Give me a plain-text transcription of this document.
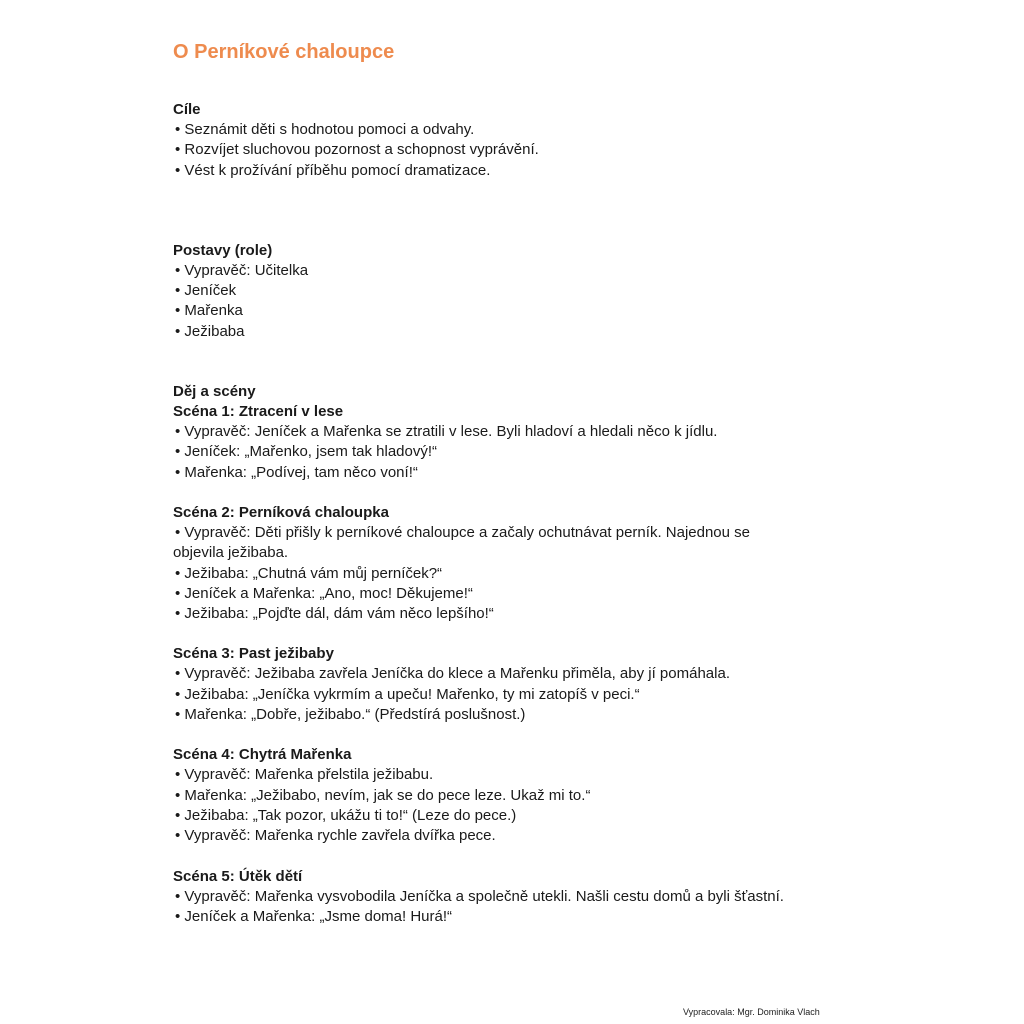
O Perníkové chaloupce

Cíle

• Seznámit děti s hodnotou pomoci a odvahy.

• Rozvíjet sluchovou pozornost a schopnost vyprávění.

• Vést k prožívání příběhu pomocí dramatizace.

Postavy (role)

• Vypravěč: Učitelka

• Jeníček

• Mařenka

• Ježibaba

Děj a scény

Scéna 1: Ztracení v lese

• Vypravěč: Jeníček a Mařenka se ztratili v lese. Byli hladoví a hledali něco k jídlu.

• Jeníček: „Mařenko, jsem tak hladový!“

• Mařenka: „Podívej, tam něco voní!“

Scéna 2: Perníková chaloupka

• Vypravěč: Děti přišly k perníkové chaloupce a začaly ochutnávat perník. Najednou se

objevila ježibaba.

• Ježibaba: „Chutná vám můj perníček?“

• Jeníček a Mařenka: „Ano, moc! Děkujeme!“

• Ježibaba: „Pojďte dál, dám vám něco lepšího!“

Scéna 3: Past ježibaby

• Vypravěč: Ježibaba zavřela Jeníčka do klece a Mařenku přiměla, aby jí pomáhala.

• Ježibaba: „Jeníčka vykrmím a upeču! Mařenko, ty mi zatopíš v peci.“

• Mařenka: „Dobře, ježibabo.“ (Předstírá poslušnost.)

Scéna 4: Chytrá Mařenka

• Vypravěč: Mařenka přelstila ježibabu.

• Mařenka: „Ježibabo, nevím, jak se do pece leze. Ukaž mi to.“

• Ježibaba: „Tak pozor, ukážu ti to!“ (Leze do pece.)

• Vypravěč: Mařenka rychle zavřela dvířka pece.

Scéna 5: Útěk dětí

• Vypravěč: Mařenka vysvobodila Jeníčka a společně utekli. Našli cestu domů a byli šťastní.

• Jeníček a Mařenka: „Jsme doma! Hurá!“

Vypracovala: Mgr. Dominika Vlach
